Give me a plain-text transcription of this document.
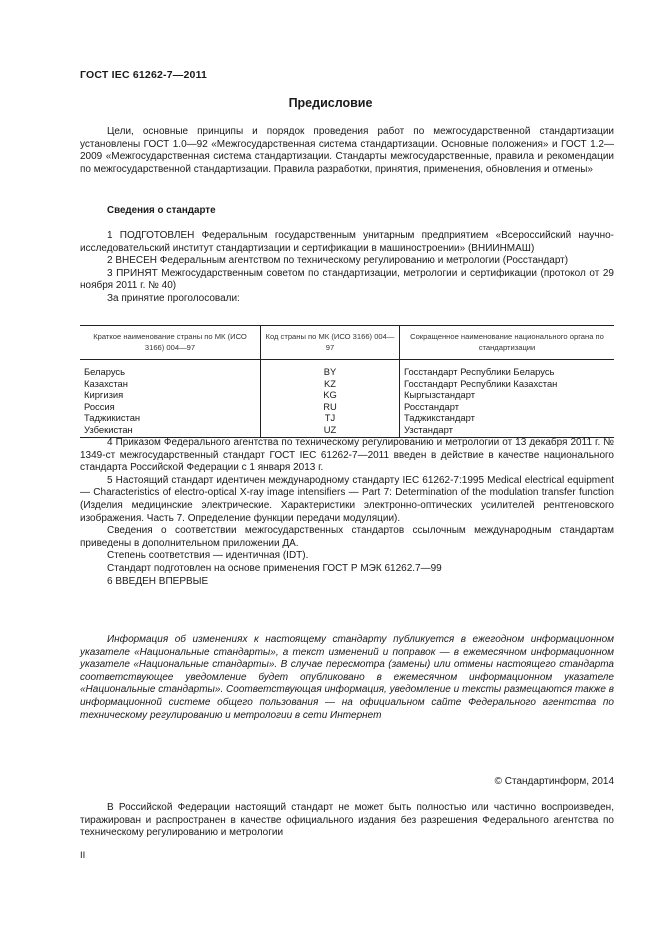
ГОСТ IEC 61262-7—2011
Предисловие

Цели, основные принципы и порядок проведения работ по межгосударственной стандартизации установлены ГОСТ 1.0—92 «Межгосударственная система стандартизации. Основные положения» и ГОСТ 1.2—2009 «Межгосударственная система стандартизации. Стандарты межгосударственные, правила и рекомендации по межгосударственной стандартизации. Правила разработки, принятия, применения, обновления и отмены»

Сведения о стандарте

1 ПОДГОТОВЛЕН Федеральным государственным унитарным предприятием «Всероссийский научно-исследовательский институт стандартизации и сертификации в машиностроении» (ВНИИНМАШ)

2 ВНЕСЕН Федеральным агентством по техническому регулированию и метрологии (Росстандарт)

3 ПРИНЯТ Межгосударственным советом по стандартизации, метрологии и сертификации (протокол от 29 ноября 2011 г. № 40)

За принятие проголосовали:

Краткое наименование страны по МК (ИСО 3166) 004—97	Код страны по МК (ИСО 3166) 004—97	Сокращенное наименование национального органа по стандартизации
Беларусь	BY	Госстандарт Республики Беларусь
Казахстан	KZ	Госстандарт Республики Казахстан
Киргизия	KG	Кыргызстандарт
Россия	RU	Росстандарт
Таджикистан	TJ	Таджикстандарт
Узбекистан	UZ	Узстандарт

4 Приказом Федерального агентства по техническому регулированию и метрологии от 13 декабря 2011 г. № 1349-ст межгосударственный стандарт ГОСТ IEC 61262-7—2011 введен в действие в качестве национального стандарта Российской Федерации с 1 января 2013 г.

5 Настоящий стандарт идентичен международному стандарту IEC 61262-7:1995 Medical electrical equipment — Characteristics of electro-optical X-ray image intensifiers — Part 7: Determination of the modulation transfer function (Изделия медицинские электрические. Характеристики электронно-оптических усилителей рентгеновского изображения. Часть 7. Определение функции передачи модуляции).

Сведения о соответствии межгосударственных стандартов ссылочным международным стандартам приведены в дополнительном приложении ДА.

Степень соответствия — идентичная (IDT).

Стандарт подготовлен на основе применения ГОСТ Р МЭК 61262.7—99

6 ВВЕДЕН ВПЕРВЫЕ

Информация об изменениях к настоящему стандарту публикуется в ежегодном информационном указателе «Национальные стандарты», а текст изменений и поправок — в ежемесячном информационном указателе «Национальные стандарты». В случае пересмотра (замены) или отмены настоящего стандарта соответствующее уведомление будет опубликовано в ежемесячном информационном указателе «Национальные стандарты». Соответствующая информация, уведомление и тексты размещаются также в информационной системе общего пользования — на официальном сайте Федерального агентства по техническому регулированию и метрологии в сети Интернет

© Стандартинформ, 2014

В Российской Федерации настоящий стандарт не может быть полностью или частично воспроизведен, тиражирован и распространен в качестве официального издания без разрешения Федерального агентства по техническому регулированию и метрологии

II
